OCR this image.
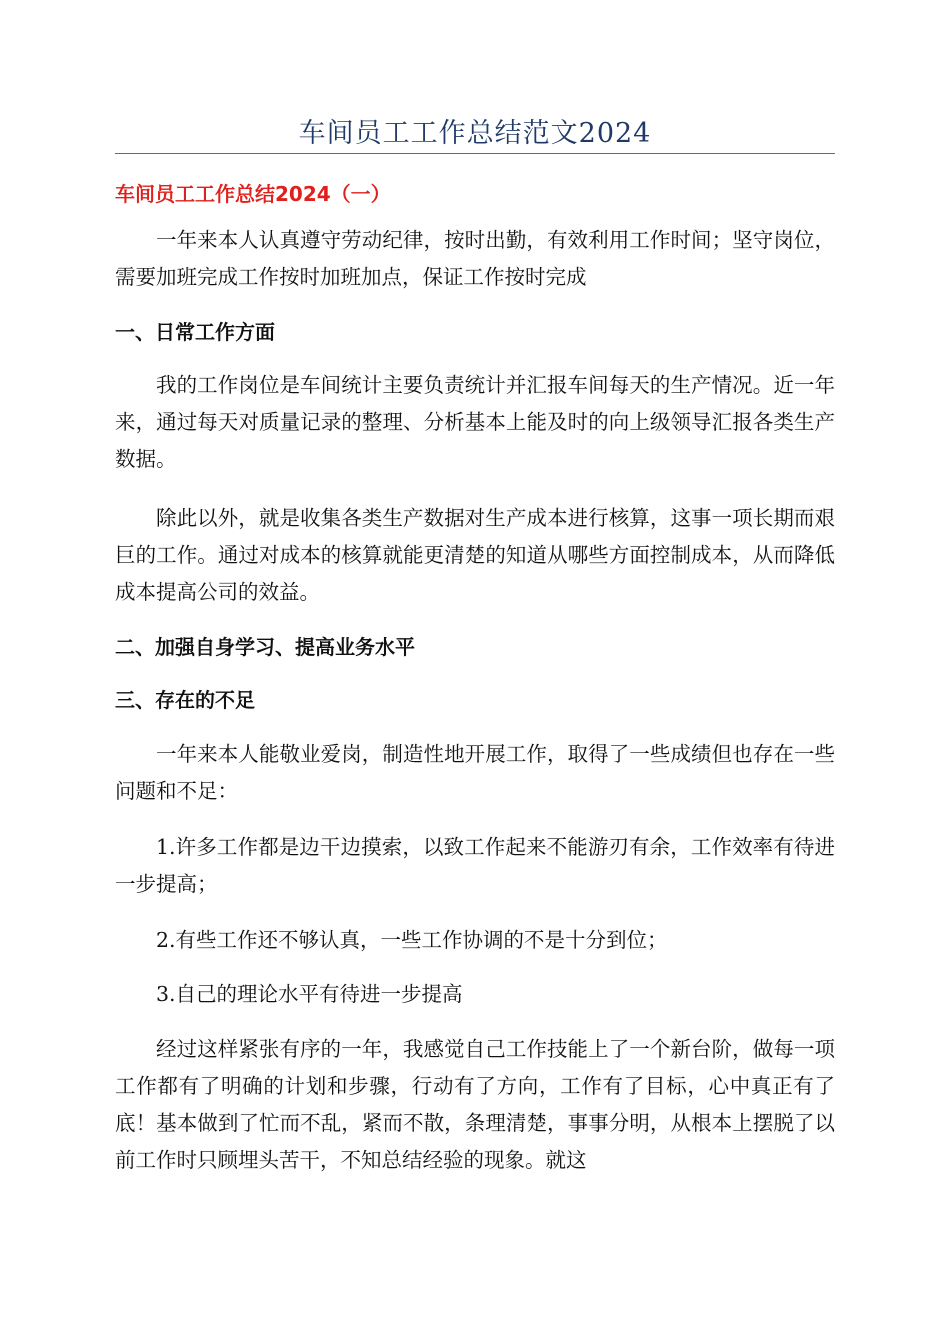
车间员工工作总结范文2024
车间员工工作总结2024（一）

一年来本人认真遵守劳动纪律，按时出勤，有效利用工作时间；坚守岗位，需要加班完成工作按时加班加点，保证工作按时完成

一、日常工作方面

我的工作岗位是车间统计主要负责统计并汇报车间每天的生产情况。近一年来，通过每天对质量记录的整理、分析基本上能及时的向上级领导汇报各类生产数据。

除此以外，就是收集各类生产数据对生产成本进行核算，这事一项长期而艰巨的工作。通过对成本的核算就能更清楚的知道从哪些方面控制成本，从而降低成本提高公司的效益。

二、加强自身学习、提高业务水平
三、存在的不足

一年来本人能敬业爱岗，制造性地开展工作，取得了一些成绩但也存在一些问题和不足：

1.许多工作都是边干边摸索，以致工作起来不能游刃有余，工作效率有待进一步提高；

2.有些工作还不够认真，一些工作协调的不是十分到位；

3.自己的理论水平有待进一步提高

经过这样紧张有序的一年，我感觉自己工作技能上了一个新台阶，做每一项工作都有了明确的计划和步骤，行动有了方向，工作有了目标，心中真正有了底！基本做到了忙而不乱，紧而不散，条理清楚，事事分明，从根本上摆脱了以前工作时只顾埋头苦干，不知总结经验的现象。就这
